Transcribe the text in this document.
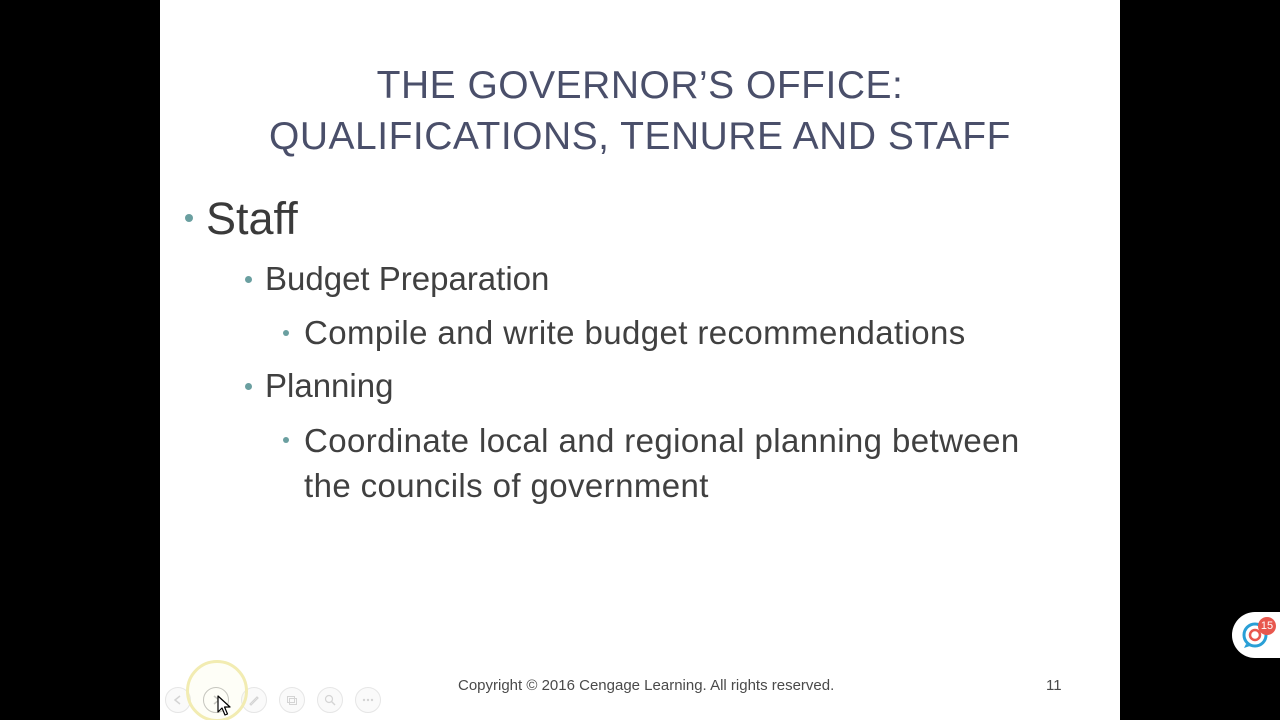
THE GOVERNOR’S OFFICE:
QUALIFICATIONS, TENURE AND STAFF
Staff
Budget Preparation
Compile and write budget recommendations
Planning
Coordinate local and regional planning between
the councils of government
Copyright © 2016 Cengage Learning. All rights reserved.	11
15
